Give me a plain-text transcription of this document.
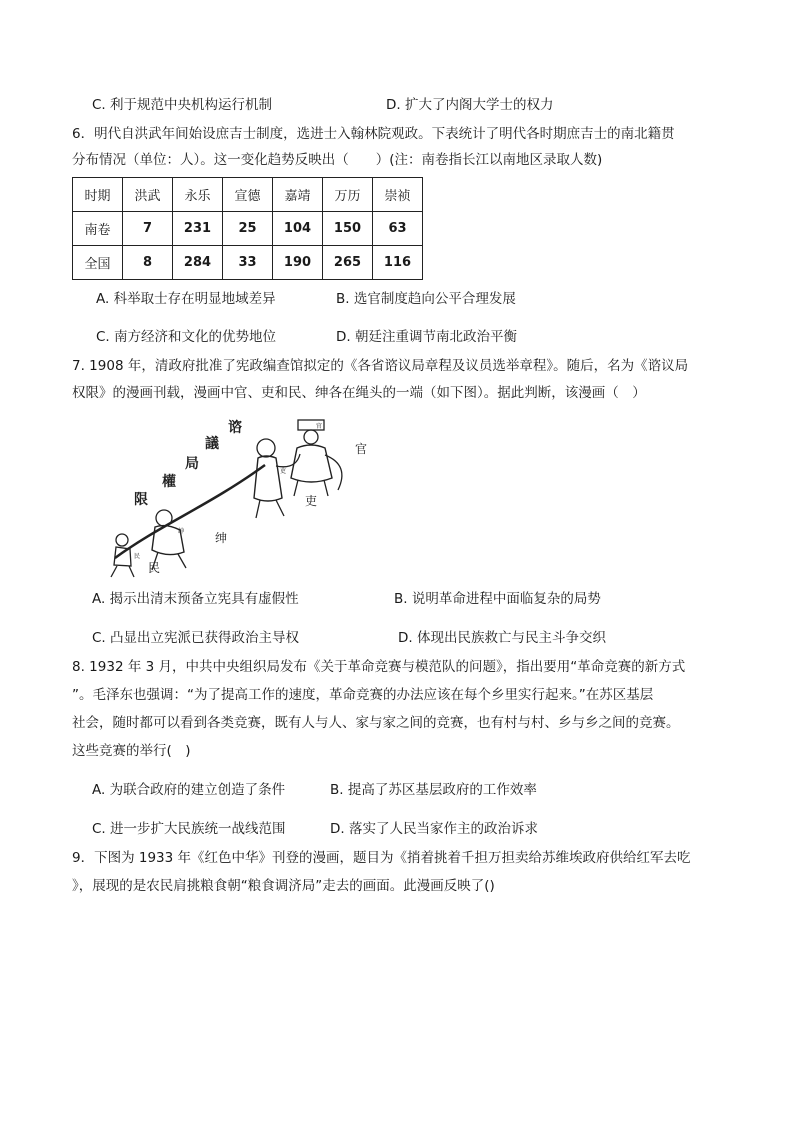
C. 利于规范中央机构运行机制	D. 扩大了内阁大学士的权力
6．明代自洪武年间始设庶吉士制度，选进士入翰林院观政。下表统计了明代各时期庶吉士的南北籍贯
分布情况（单位：人）。这一变化趋势反映出（　　）(注：南卷指长江以南地区录取人数)
时期	洪武	永乐	宣德	嘉靖	万历	崇祯
南卷	7	231	25	104	150	63
全国	8	284	33	190	265	116
A. 科举取士存在明显地域差异	B. 选官制度趋向公平合理发展
C. 南方经济和文化的优势地位	D. 朝廷注重调节南北政治平衡
7. 1908 年，清政府批准了宪政编查馆拟定的《各省谘议局章程及议员选举章程》。随后，名为《谘议局
权限》的漫画刊载，漫画中官、吏和民、绅各在绳头的一端（如下图）。据此判断，该漫画（　）
谘
議
局
權
限
官
吏
紳
民
官
吏
绅
民
A. 揭示出清末预备立宪具有虚假性	B. 说明革命进程中面临复杂的局势
C. 凸显出立宪派已获得政治主导权	D. 体现出民族救亡与民主斗争交织
8. 1932 年 3 月，中共中央组织局发布《关于革命竞赛与模范队的问题》，指出要用“革命竞赛的新方式
”。毛泽东也强调：“为了提高工作的速度，革命竞赛的办法应该在每个乡里实行起来。”在苏区基层
社会，随时都可以看到各类竞赛，既有人与人、家与家之间的竞赛，也有村与村、乡与乡之间的竞赛。
这些竞赛的举行(　)
A. 为联合政府的建立创造了条件	B. 提高了苏区基层政府的工作效率
C. 进一步扩大民族统一战线范围	D. 落实了人民当家作主的政治诉求
9．下图为 1933 年《红色中华》刊登的漫画，题目为《捎着挑着千担万担卖给苏维埃政府供给红军去吃
》，展现的是农民肩挑粮食朝“粮食调济局”走去的画面。此漫画反映了()
